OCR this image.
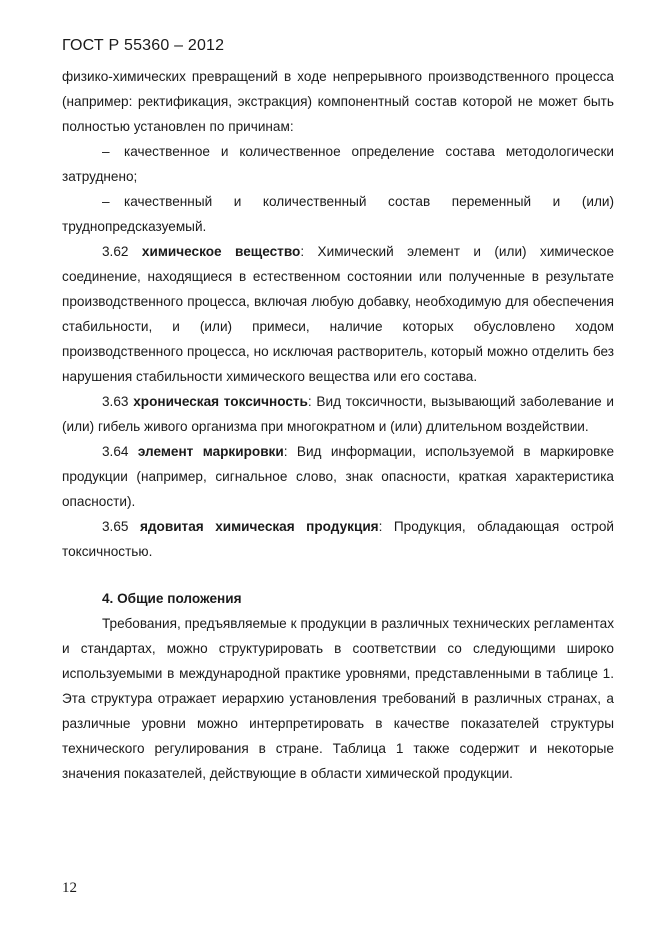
ГОСТ Р 55360 – 2012

физико-химических превращений в ходе непрерывного производственного процесса (например: ректификация, экстракция) компонентный состав которой не может быть полностью установлен по причинам:

– качественное и количественное определение состава методологически затруднено;

– качественный и количественный состав переменный и (или) труднопредсказуемый.

3.62 химическое вещество: Химический элемент и (или) химическое соединение, находящиеся в естественном состоянии или полученные в результате производственного процесса, включая любую добавку, необходимую для обеспечения стабильности, и (или) примеси, наличие которых обусловлено ходом производственного процесса, но исключая растворитель, который можно отделить без нарушения стабильности химического вещества или его состава.

3.63 хроническая токсичность: Вид токсичности, вызывающий заболевание и (или) гибель живого организма при многократном и (или) длительном воздействии.

3.64 элемент маркировки: Вид информации, используемой в маркировке продукции (например, сигнальное слово, знак опасности, краткая характеристика опасности).

3.65 ядовитая химическая продукция: Продукция, обладающая острой токсичностью.

4. Общие положения

Требования, предъявляемые к продукции в различных технических регламентах и стандартах, можно структурировать в соответствии со следующими широко используемыми в международной практике уровнями, представленными в таблице 1. Эта структура отражает иерархию установления требований в различных странах, а различные уровни можно интерпретировать в качестве показателей структуры технического регулирования в стране. Таблица 1 также содержит и некоторые значения показателей, действующие в области химической продукции.

12
